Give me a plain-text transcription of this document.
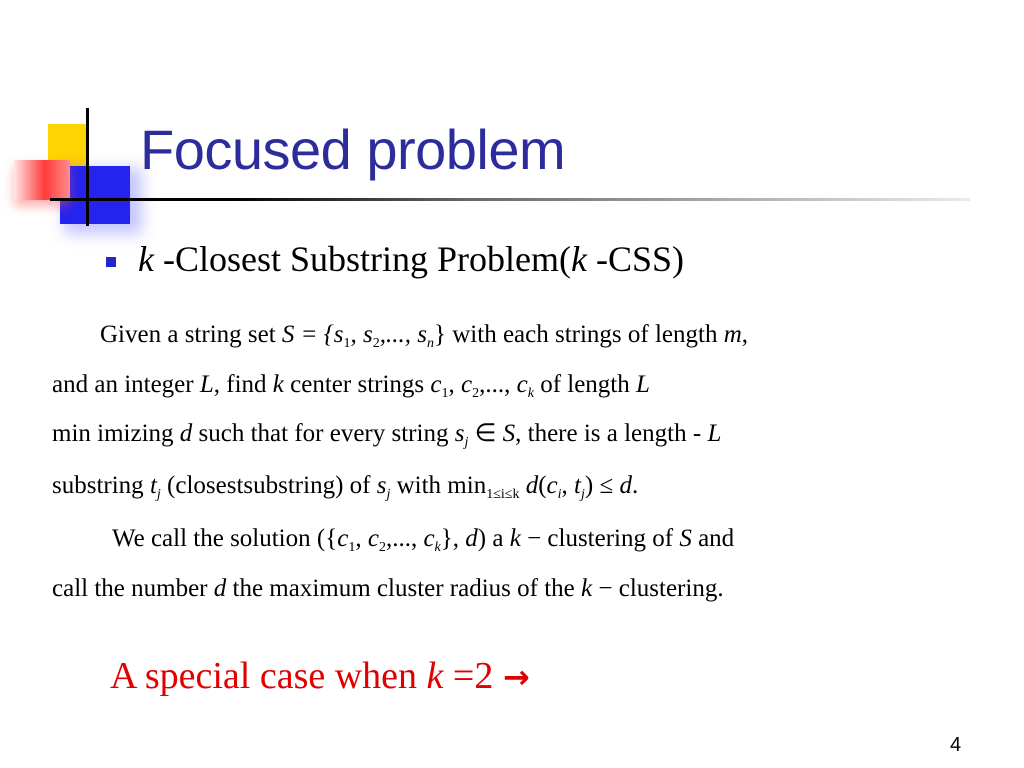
Focused problem
k -Closest Substring Problem(k -CSS)
Given a string set $S = \{s_1$, $s_2$,..., $s_n$} with each strings of length m,
and an integer L, find k center strings $c_1$, $c_2$,..., $c_k$ of length L
min imizing d such that for every string $s_j$ ∈ S, there is a length - L
substring $t_j$ (closestsubstring) of $s_j$ with $\min_{1\le i\le k} d(c_i$, $t_j) \le d$.
We call the solution ({$c_1$, $c_2$,..., $c_k$}, d) a k − clustering of S and
call the number d the maximum cluster radius of the k − clustering.
A special case when k =2 →
4
